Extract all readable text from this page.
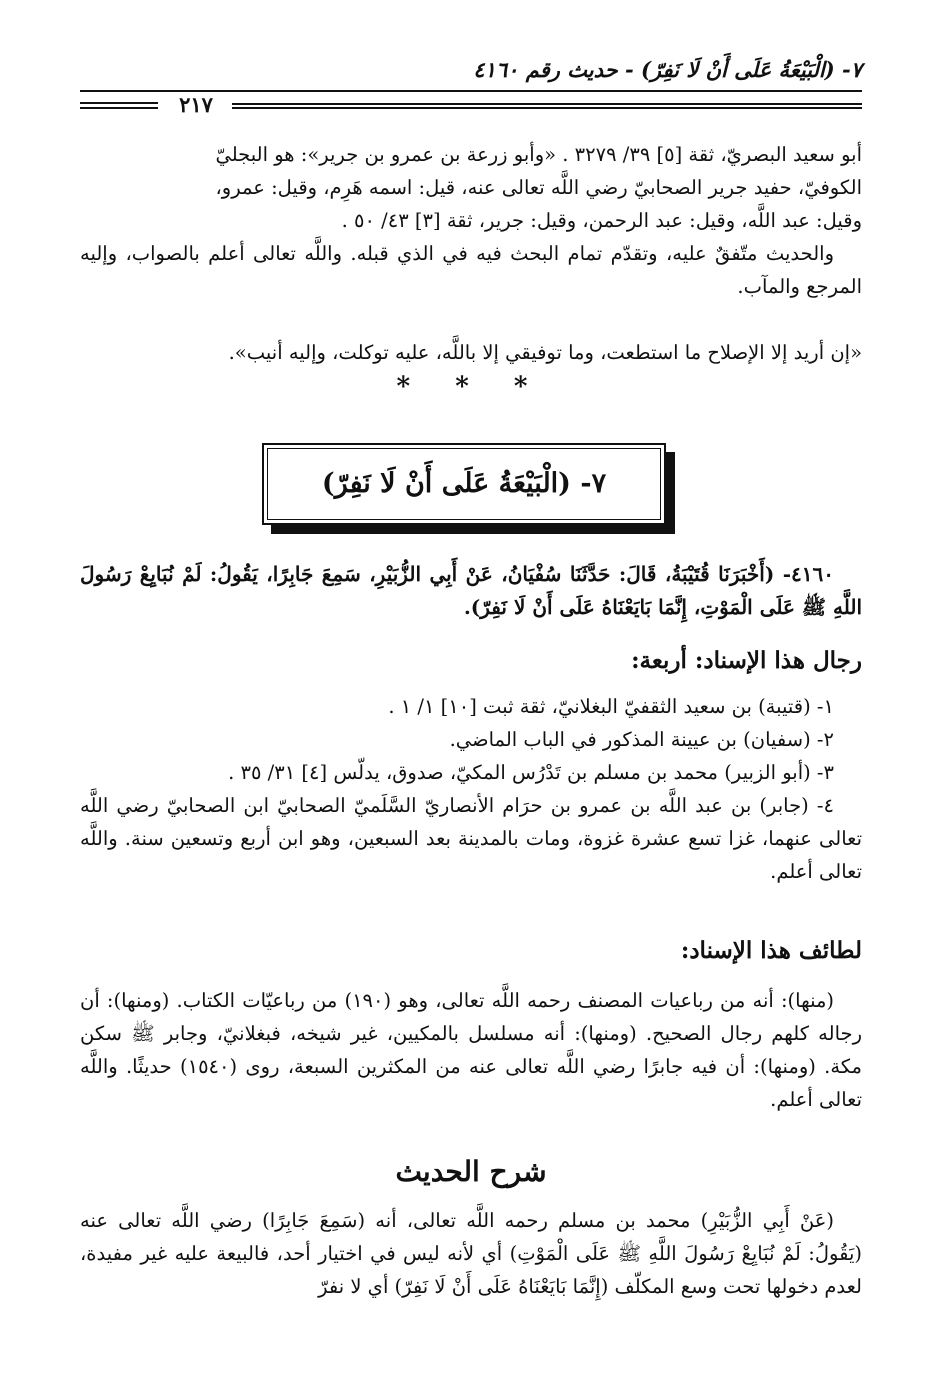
٧- (الْبَيْعَةُ عَلَى أَنْ لَا نَفِرّ) - حديث رقم ٤١٦٠
٢١٧
أبو سعيد البصريّ، ثقة [٥] ٣٩/ ٣٢٧٩ . «وأبو زرعة بن عمرو بن جرير»: هو البجليّ
الكوفيّ، حفيد جرير الصحابيّ رضي اللَّه تعالى عنه، قيل: اسمه هَرِم، وقيل: عمرو،
وقيل: عبد اللَّه، وقيل: عبد الرحمن، وقيل: جرير، ثقة [٣] ٤٣/ ٥٠ .
والحديث متّفقٌ عليه، وتقدّم تمام البحث فيه في الذي قبله. واللَّه تعالى أعلم بالصواب، وإليه المرجع والمآب.
«إن أريد إلا الإصلاح ما استطعت، وما توفيقي إلا باللَّه، عليه توكلت، وإليه أنيب».
* * *
٧- (الْبَيْعَةُ عَلَى أَنْ لَا نَفِرّ)
٤١٦٠- (أَخْبَرَنَا قُتَيْبَةُ، قَالَ: حَدَّثَنَا سُفْيَانُ، عَنْ أَبِي الزُّبَيْرِ، سَمِعَ جَابِرًا، يَقُولُ: لَمْ نُبَايِعْ رَسُولَ اللَّهِ ﷺ عَلَى الْمَوْتِ، إِنَّمَا بَايَعْنَاهُ عَلَى أَنْ لَا نَفِرّ).
رجال هذا الإسناد: أربعة:
١- (قتيبة) بن سعيد الثقفيّ البغلانيّ، ثقة ثبت [١٠] ١/ ١ .
٢- (سفيان) بن عيينة المذكور في الباب الماضي.
٣- (أبو الزبير) محمد بن مسلم بن تَدْرُس المكيّ، صدوق، يدلّس [٤] ٣١/ ٣٥ .
٤- (جابر) بن عبد اللَّه بن عمرو بن حرَام الأنصاريّ السَّلَميّ الصحابيّ ابن الصحابيّ رضي اللَّه تعالى عنهما، غزا تسع عشرة غزوة، ومات بالمدينة بعد السبعين، وهو ابن أربع وتسعين سنة. واللَّه تعالى أعلم.
لطائف هذا الإسناد:
(منها): أنه من رباعيات المصنف رحمه اللَّه تعالى، وهو (١٩٠) من رباعيّات الكتاب. (ومنها): أن رجاله كلهم رجال الصحيح. (ومنها): أنه مسلسل بالمكيين، غير شيخه، فبغلانيّ، وجابر ﷺ سكن مكة. (ومنها): أن فيه جابرًا رضي اللَّه تعالى عنه من المكثرين السبعة، روى (١٥٤٠) حديثًا. واللَّه تعالى أعلم.
شرح الحديث
(عَنْ أَبِي الزُّبَيْرِ) محمد بن مسلم رحمه اللَّه تعالى، أنه (سَمِعَ جَابِرًا) رضي اللَّه تعالى عنه (يَقُولُ: لَمْ نُبَايِعْ رَسُولَ اللَّهِ ﷺ عَلَى الْمَوْتِ) أي لأنه ليس في اختيار أحد، فالبيعة عليه غير مفيدة، لعدم دخولها تحت وسع المكلّف (إِنَّمَا بَايَعْنَاهُ عَلَى أَنْ لَا نَفِرّ) أي لا نفرّ
